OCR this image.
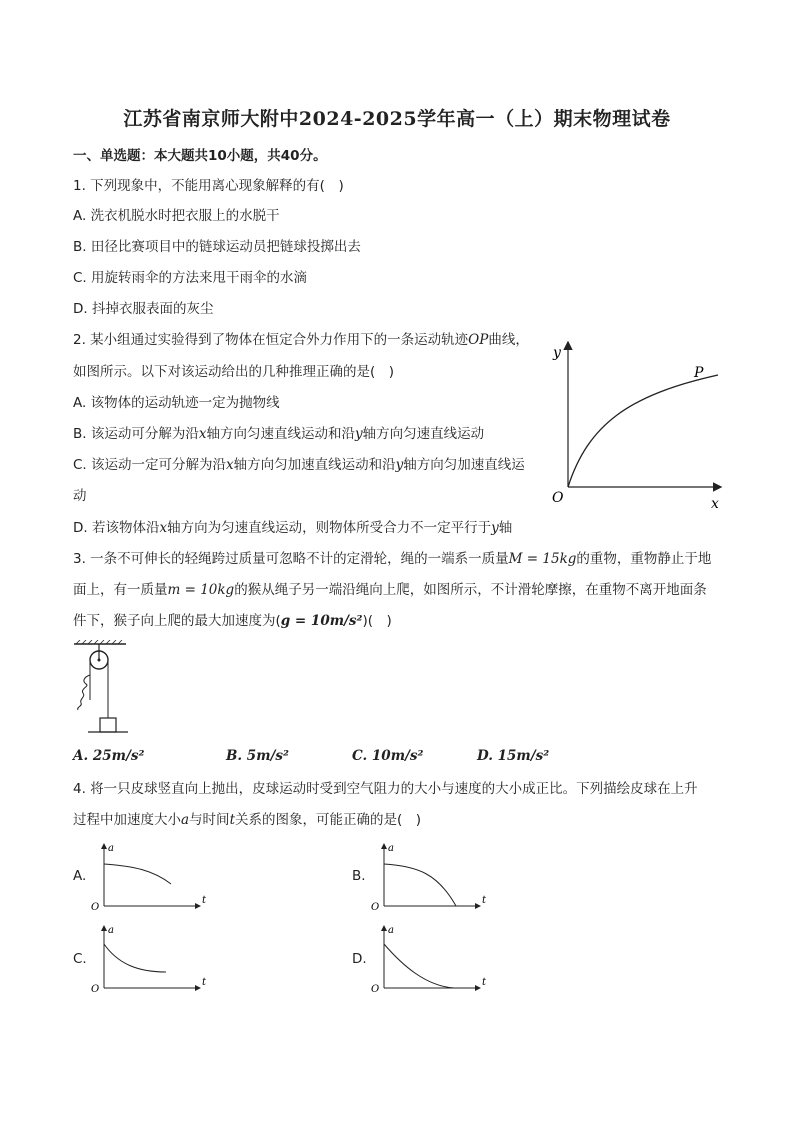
江苏省南京师大附中2024-2025学年高一（上）期末物理试卷
一、单选题：本大题共10小题，共40分。
1. 下列现象中，不能用离心现象解释的有(　)
A. 洗衣机脱水时把衣服上的水脱干
B. 田径比赛项目中的链球运动员把链球投掷出去
C. 用旋转雨伞的方法来甩干雨伞的水滴
D. 抖掉衣服表面的灰尘
2. 某小组通过实验得到了物体在恒定合外力作用下的一条运动轨迹OP曲线，
如图所示。以下对该运动给出的几种推理正确的是(　)
A. 该物体的运动轨迹一定为抛物线
B. 该运动可分解为沿x轴方向匀速直线运动和沿y轴方向匀速直线运动
C. 该运动一定可分解为沿x轴方向匀加速直线运动和沿y轴方向匀加速直线运
动
D. 若该物体沿x轴方向为匀速直线运动，则物体所受合力不一定平行于y轴
y
P
O	x
3. 一条不可伸长的轻绳跨过质量可忽略不计的定滑轮，绳的一端系一质量M = 15kg的重物，重物静止于地
面上，有一质量m = 10kg的猴从绳子另一端沿绳向上爬，如图所示，不计滑轮摩擦，在重物不离开地面条
件下，猴子向上爬的最大加速度为(g = 10m/s²)(　)
A. 25m/s²	B. 5m/s²	C. 10m/s²	D. 15m/s²
4. 将一只皮球竖直向上抛出，皮球运动时受到空气阻力的大小与速度的大小成正比。下列描绘皮球在上升
过程中加速度大小a与时间t关系的图象，可能正确的是(　)
A.	B.
C.	D.
a
O
t
a
O
t
a
O
t
a
O
t
